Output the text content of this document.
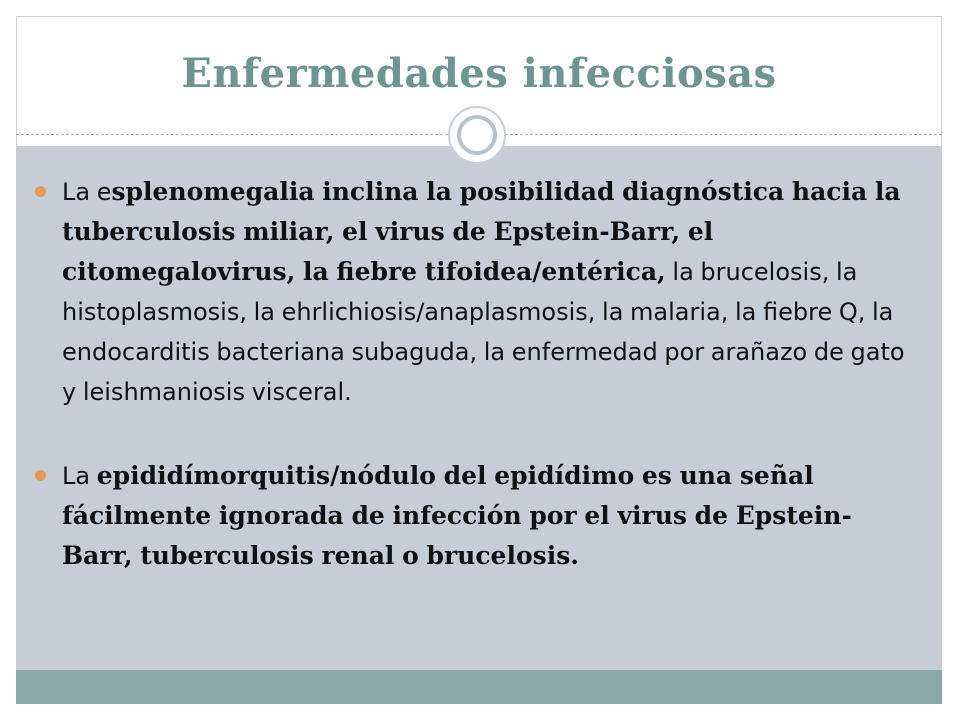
Enfermedades infecciosas
La esplenomegalia inclina la posibilidad diagnóstica hacia la tuberculosis miliar, el virus de Epstein-Barr, el citomegalovirus, la fiebre tifoidea/entérica, la brucelosis, la histoplasmosis, la ehrlichiosis/anaplasmosis, la malaria, la fiebre Q, la endocarditis bacteriana subaguda, la enfermedad por arañazo de gato y leishmaniosis visceral.
La epididímorquitis/nódulo del epidídimo es una señal fácilmente ignorada de infección por el virus de Epstein-Barr, tuberculosis renal o brucelosis.
